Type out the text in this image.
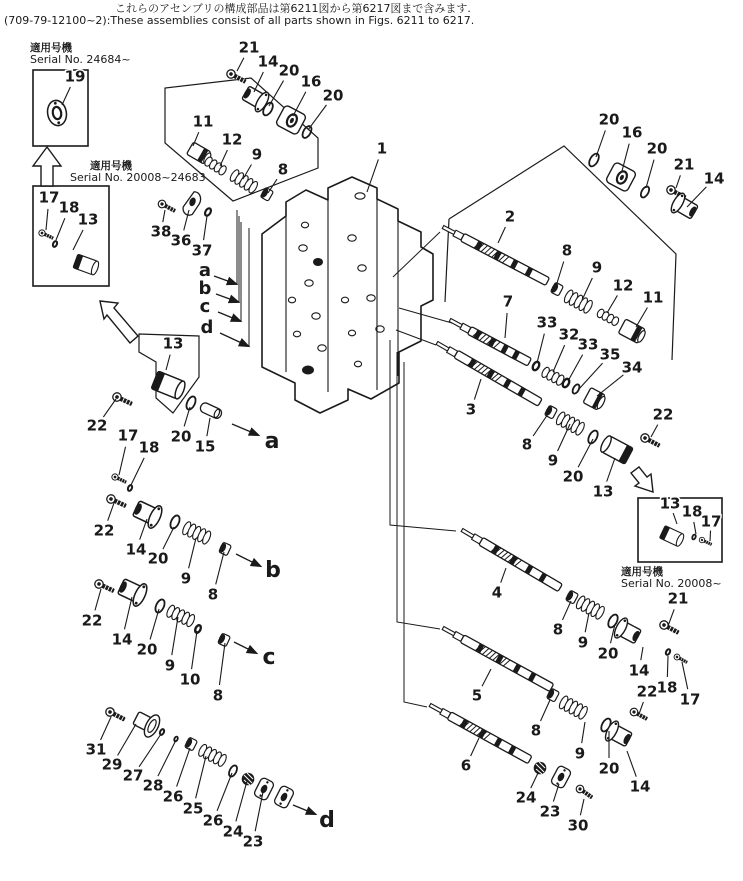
これらのアセンブリの構成部品は第6211図から第6217図まで含みます.
(709-79-12100~2):These assemblies consist of all parts shown in Figs. 6211 to 6217.
適用号機
Serial No. 24684~
適用号機
Serial No. 20008~24683
適用号機
Serial No. 20008~
21
14 20
16
20
19
11
12
9
8
1
17
18
13
38 36
37
20
16
20
21
14
2
8
9
12
11
7
33
32
33
35
34
3
8
9
20
13
22
13 18
17
4
8
9
20
21
14
18
17
22
5
8
9
20
14
6
24
23
30
13
22
17
18
20
15
22
14 20
9
8
22
14
20
9
10
8
31
29
27
28
26
25
26
24
23
a
b
c
d
a
b
c
d
